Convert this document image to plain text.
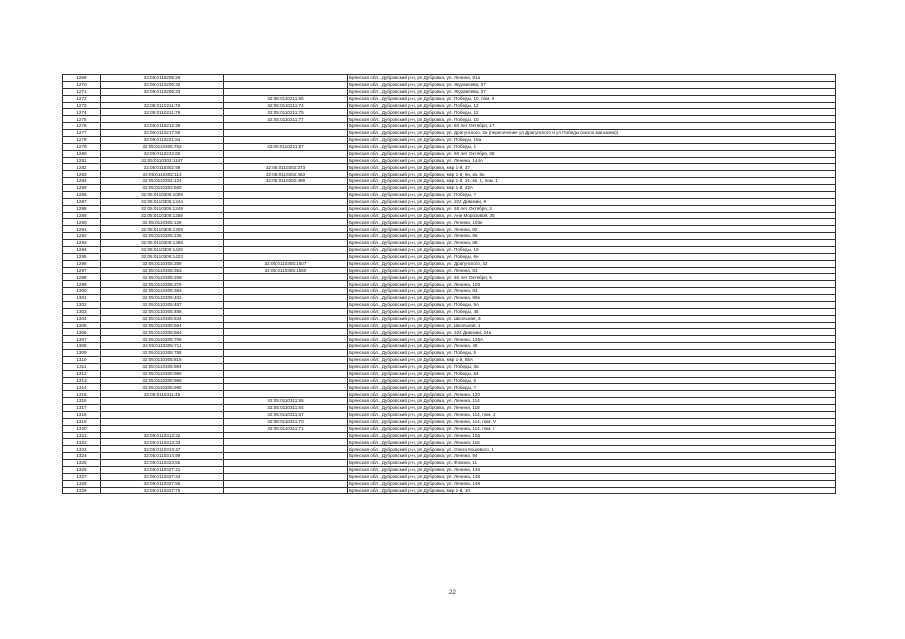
1269	32:05:0110205:26		Брянская обл., Дубровский р-н, рп Дубровка, ул. Ленина, 91а
1270	32:05:0110206:32		Брянская обл., Дубровский р-н, рп Дубровка, ул. Журавлева, 37
1271	32:05:0110206:33		Брянская обл., Дубровский р-н, рп Дубровка, ул. Журавлева, 37
1272		32:05:0110211:65	Брянская обл., Дубровский р-н, рп Дубровка, ул. Победы, 10, пом. II
1273	32:05:0110211:78	32:05:0110211:74	Брянская обл., Дубровский р-н, рп Дубровка, ул. Победы, 12
1274	32:05:0110211:78	32:05:0110211:75	Брянская обл., Дубровский р-н, рп Дубровка, ул. Победы, 12
1275		32:05:0110211:77	Брянская обл., Дубровский р-н, рп Дубровка, ул. Победы, 10
1276	32:05:0110212:38		Брянская обл., Дубровский р-н, рп Дубровка, ул. 60 лет Октября, 17
1277	32:05:0110217:59		Брянская обл., Дубровский р-н, рп Дубровка, ул. Драгунского, 2а (пересечение ул.Драгунского и ул.Победы (около магазина))
1278	32:05:0110221:84		Брянская обл., Дубровский р-н, рп Дубровка, ул. Победы, 19а
1279	32:05:0110305:752	32:05:0110221:87	Брянская обл., Дубровский р-н, рп Дубровка, ул. Победы, 1
1280	32:05:0110222:60		Брянская обл., Дубровский р-н, рп Дубровка, ул. 60 лет Октября, 38
1281	32:05:0110302:1147		Брянская обл., Дубровский р-н, рп Дубровка, ул. Ленина, 144А
1282	32:05:0110302:98	32:05:0110302:373	Брянская обл., Дубровский р-н, рп Дубровка, мкр 1-й, 37
1283	32:05:0110302:114	32:05:0110302:463	Брянская обл., Дубровский р-н, рп Дубровка, мкр 1-й, 6н, кв. 6н
1284	32:05:0110302:124	32:05:0110302:489	Брянская обл., Дубровский р-н, рп Дубровка, мкр 1-й, 31, кв. 1, пом. 1
1285	32:05:0110302:660		Брянская обл., Дубровский р-н, рп Дубровка, мкр 1-й, 42А
1286	32:05:0110305:1059		Брянская обл., Дубровский р-н, рп Дубровка, ул. Победы, 7
1287	32:05:0110305:1244		Брянская обл., Дубровский р-н, рп Дубровка, ул. 324 Дивизии, 9
1288	32:05:0110305:1249		Брянская обл., Дубровский р-н, рп Дубровка, ул. 60 лет Октября, 2
1289	32:05:0110305:1256		Брянская обл., Дубровский р-н, рп Дубровка, ул. Ани Морозовой, 35
1290	32:05:0110305:128		Брянская обл., Дубровский р-н, рп Дубровка, ул. Ленина, 103е
1291	32:05:0110305:1308		Брянская обл., Дубровский р-н, рп Дубровка, ул. Ленина, 82
1292	32:05:0110305:135		Брянская обл., Дубровский р-н, рп Дубровка, ул. Ленина, 86
1293	32:05:0110305:1366		Брянская обл., Дубровский р-н, рп Дубровка, ул. Ленина, 88
1294	32:05:0110305:1420		Брянская обл., Дубровский р-н, рп Дубровка, ул. Победы, 16
1295	32:05:0110305:1423		Брянская обл., Дубровский р-н, рп Дубровка, ул. Победы, 6н
1296	32:05:0110305:269	32:05:0110305:1507	Брянская обл., Дубровский р-н, рп Дубровка, ул. Драгунского, 32
1297	32:05:0110305:353	32:05:0110305:1550	Брянская обл., Дубровский р-н, рп Дубровка, ул. Ленина, 83
1298	32:05:0110305:259		Брянская обл., Дубровский р-н, рп Дубровка, ул. 60 лет Октября, 5
1299	32:05:0110305:375		Брянская обл., Дубровский р-н, рп Дубровка, ул. Ленина, 103
1300	32:05:0110305:383		Брянская обл., Дубровский р-н, рп Дубровка, ул. Ленина, 83
1301	32:05:0110305:402		Брянская обл., Дубровский р-н, рп Дубровка, ул. Ленина, 95в
1302	32:05:0110305:457		Брянская обл., Дубровский р-н, рп Дубровка, ул. Победы, 9А
1303	32:05:0110305:488		Брянская обл., Дубровский р-н, рп Дубровка, ул. Победы, 48
1304	32:05:0110305:534		Брянская обл., Дубровский р-н, рп Дубровка, ул. Школьная, 3
1305	32:05:0110305:564		Брянская обл., Дубровский р-н, рп Дубровка, ул. Школьная, 1
1306	32:05:0110305:584		Брянская обл., Дубровский р-н, рп Дубровка, ул. 324 Дивизии, 24а
1307	32:05:0110305:706		Брянская обл., Дубровский р-н, рп Дубровка, ул. Ленина, 126А
1308	32:05:0110305:711		Брянская обл., Дубровский р-н, рп Дубровка, ул. Ленина, 49
1309	32:05:0110305:758		Брянская обл., Дубровский р-н, рп Дубровка, ул. Победы, 5
1310	32:05:0110305:815		Брянская обл., Дубровский р-н, рп Дубровка, мкр 1-й, 55А
1311	32:05:0110305:984		Брянская обл., Дубровский р-н, рп Дубровка, ул. Победы, 3а
1312	32:05:0110305:986		Брянская обл., Дубровский р-н, рп Дубровка, ул. Победы, 54
1313	32:05:0110305:988		Брянская обл., Дубровский р-н, рп Дубровка, ул. Победы, 6
1314	32:05:0110305:990		Брянская обл., Дубровский р-н, рп Дубровка, ул. Победы, 7
1315	32:05:0110311:49		Брянская обл., Дубровский р-н, рп Дубровка, ул. Ленина, 120
1316		32:05:0110311:55	Брянская обл., Дубровский р-н, рп Дубровка, ул. Ленина, 114
1317		32:05:0110311:64	Брянская обл., Дубровский р-н, рп Дубровка, ул. Ленина, 118
1318		32:05:0110311:67	Брянская обл., Дубровский р-н, рп Дубровка, ул. Ленина, 114, пом. 2
1319		32:05:0110311:70	Брянская обл., Дубровский р-н, рп Дубровка, ул. Ленина, 114, пом. V
1320		32:05:0110311:71	Брянская обл., Дубровский р-н, рп Дубровка, ул. Ленина, 114, пом. I
1321	32:05:0110313:32		Брянская обл., Дубровский р-н, рп Дубровка, ул. Ленина, 105
1322	32:05:0110313:33		Брянская обл., Дубровский р-н, рп Дубровка, ул. Ленина, 115
1323	32:05:0110313:47		Брянская обл., Дубровский р-н, рп Дубровка, ул. Олега Кошевого, 1
1324	32:05:0110314:99		Брянская обл., Дубровский р-н, рп Дубровка, ул. Ленина, 94
1325	32:05:0110323:55		Брянская обл., Дубровский р-н, рп Дубровка, ул. Фокина, 11
1326	32:05:0110327:41		Брянская обл., Дубровский р-н, рп Дубровка, ул. Ленина, 146
1327	32:05:0110327:44		Брянская обл., Дубровский р-н, рп Дубровка, ул. Ленина, 148
1328	32:05:0110327:56		Брянская обл., Дубровский р-н, рп Дубровка, ул. Ленина, 148
1329	32:05:0110327:76		Брянская обл., Дубровский р-н, рп Дубровка, мкр 1-й, 10
22
